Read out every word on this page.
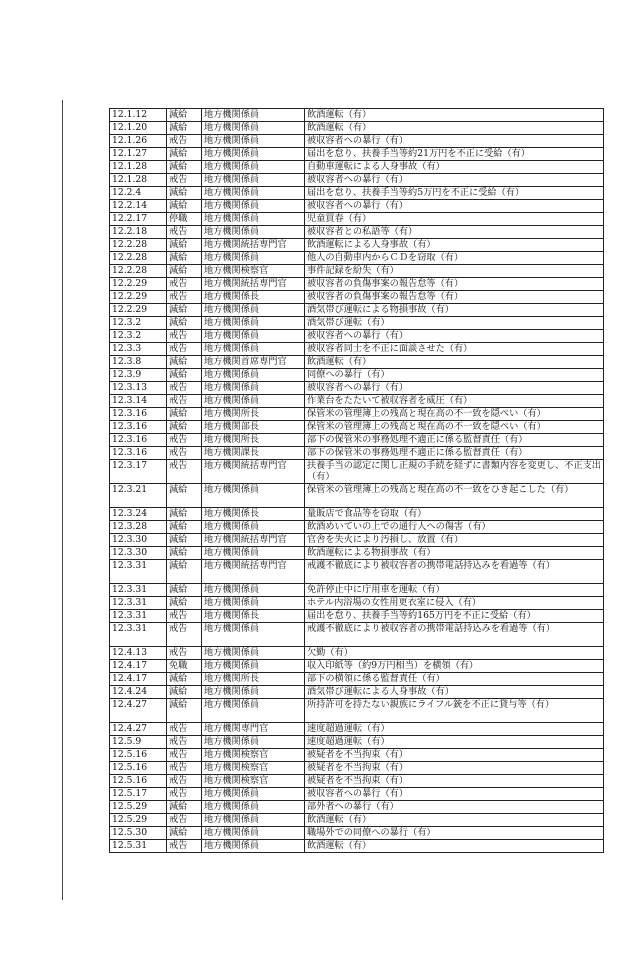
12.1.12	減給	地方機関係員	飲酒運転（有）
12.1.20	減給	地方機関係員	飲酒運転（有）
12.1.26	戒告	地方機関係員	被収容者への暴行（有）
12.1.27	減給	地方機関係員	届出を怠り、扶養手当等約21万円を不正に受給（有）
12.1.28	減給	地方機関係員	自動車運転による人身事故（有）
12.1.28	戒告	地方機関係員	被収容者への暴行（有）
12.2.4	減給	地方機関係員	届出を怠り、扶養手当等約5万円を不正に受給（有）
12.2.14	減給	地方機関係員	被収容者への暴行（有）
12.2.17	停職	地方機関係員	児童買春（有）
12.2.18	戒告	地方機関係員	被収容者との私語等（有）
12.2.28	減給	地方機関統括専門官	飲酒運転による人身事故（有）
12.2.28	減給	地方機関係員	他人の自動車内からＣＤを窃取（有）
12.2.28	減給	地方機関検察官	事件記録を紛失（有）
12.2.29	戒告	地方機関統括専門官	被収容者の負傷事案の報告怠等（有）
12.2.29	戒告	地方機関係長	被収容者の負傷事案の報告怠等（有）
12.2.29	減給	地方機関係員	酒気帯び運転による物損事故（有）
12.3.2	減給	地方機関係員	酒気帯び運転（有）
12.3.2	戒告	地方機関係員	被収容者への暴行（有）
12.3.3	戒告	地方機関係員	被収容者同士を不正に面談させた（有）
12.3.8	減給	地方機関首席専門官	飲酒運転（有）
12.3.9	減給	地方機関係員	同僚への暴行（有）
12.3.13	戒告	地方機関係員	被収容者への暴行（有）
12.3.14	戒告	地方機関係員	作業台をたたいて被収容者を威圧（有）
12.3.16	減給	地方機関所長	保管米の管理簿上の残高と現在高の不一致を隠ぺい（有）
12.3.16	減給	地方機関部長	保管米の管理簿上の残高と現在高の不一致を隠ぺい（有）
12.3.16	戒告	地方機関所長	部下の保管米の事務処理不適正に係る監督責任（有）
12.3.16	戒告	地方機関課長	部下の保管米の事務処理不適正に係る監督責任（有）
12.3.17	戒告	地方機関統括専門官	扶養手当の認定に関し正規の手続を経ずに書類内容を変更し、不正支出（有）
12.3.21	減給	地方機関係員	保管米の管理簿上の残高と現在高の不一致をひき起こした（有）
12.3.24	減給	地方機関係長	量販店で食品等を窃取（有）
12.3.28	減給	地方機関係員	飲酒めいていの上での通行人への傷害（有）
12.3.30	減給	地方機関統括専門官	官舎を失火により汚損し、放置（有）
12.3.30	減給	地方機関係員	飲酒運転による物損事故（有）
12.3.31	減給	地方機関統括専門官	戒護不徹底により被収容者の携帯電話持込みを看過等（有）
12.3.31	減給	地方機関係員	免許停止中に庁用車を運転（有）
12.3.31	減給	地方機関係員	ホテル内浴場の女性用更衣室に侵入（有）
12.3.31	戒告	地方機関係長	届出を怠り、扶養手当等約165万円を不正に受給（有）
12.3.31	戒告	地方機関係員	戒護不徹底により被収容者の携帯電話持込みを看過等（有）
12.4.13	戒告	地方機関係員	欠勤（有）
12.4.17	免職	地方機関係員	収入印紙等（約9万円相当）を横領（有）
12.4.17	減給	地方機関所長	部下の横領に係る監督責任（有）
12.4.24	減給	地方機関係員	酒気帯び運転による人身事故（有）
12.4.27	減給	地方機関係員	所持許可を持たない親族にライフル銃を不正に貸与等（有）
12.4.27	戒告	地方機関専門官	速度超過運転（有）
12.5.9	戒告	地方機関係員	速度超過運転（有）
12.5.16	戒告	地方機関検察官	被疑者を不当拘束（有）
12.5.16	戒告	地方機関検察官	被疑者を不当拘束（有）
12.5.16	戒告	地方機関検察官	被疑者を不当拘束（有）
12.5.17	戒告	地方機関係員	被収容者への暴行（有）
12.5.29	減給	地方機関係員	部外者への暴行（有）
12.5.29	戒告	地方機関係員	飲酒運転（有）
12.5.30	減給	地方機関係員	職場外での同僚への暴行（有）
12.5.31	戒告	地方機関係員	飲酒運転（有）
